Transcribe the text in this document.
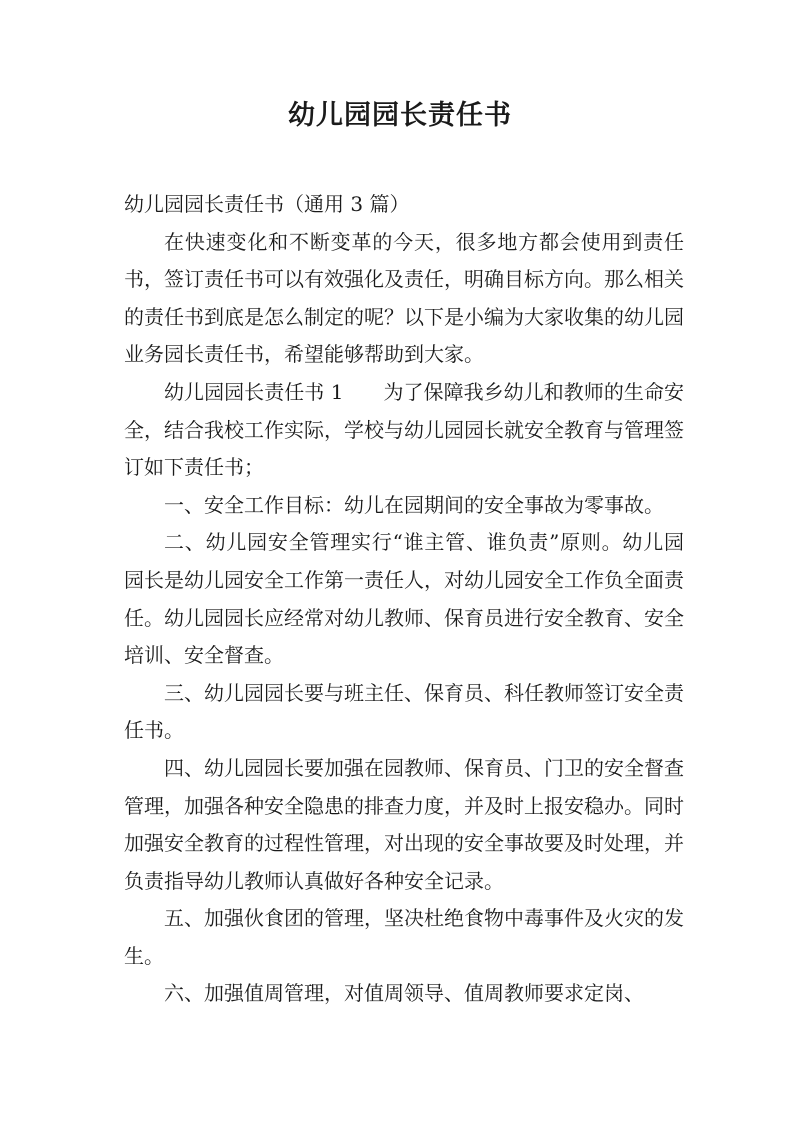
幼儿园园长责任书

幼儿园园长责任书（通用 3 篇）

在快速变化和不断变革的今天，很多地方都会使用到责任书，签订责任书可以有效强化及责任，明确目标方向。那么相关的责任书到底是怎么制定的呢？以下是小编为大家收集的幼儿园业务园长责任书，希望能够帮助到大家。

幼儿园园长责任书 1 为了保障我乡幼儿和教师的生命安全，结合我校工作实际，学校与幼儿园园长就安全教育与管理签订如下责任书；

一、安全工作目标：幼儿在园期间的安全事故为零事故。

二、幼儿园安全管理实行“谁主管、谁负责”原则。幼儿园园长是幼儿园安全工作第一责任人，对幼儿园安全工作负全面责任。幼儿园园长应经常对幼儿教师、保育员进行安全教育、安全培训、安全督查。

三、幼儿园园长要与班主任、保育员、科任教师签订安全责任书。

四、幼儿园园长要加强在园教师、保育员、门卫的安全督查管理，加强各种安全隐患的排查力度，并及时上报安稳办。同时加强安全教育的过程性管理，对出现的安全事故要及时处理，并负责指导幼儿教师认真做好各种安全记录。

五、加强伙食团的管理，坚决杜绝食物中毒事件及火灾的发生。

六、加强值周管理，对值周领导、值周教师要求定岗、
